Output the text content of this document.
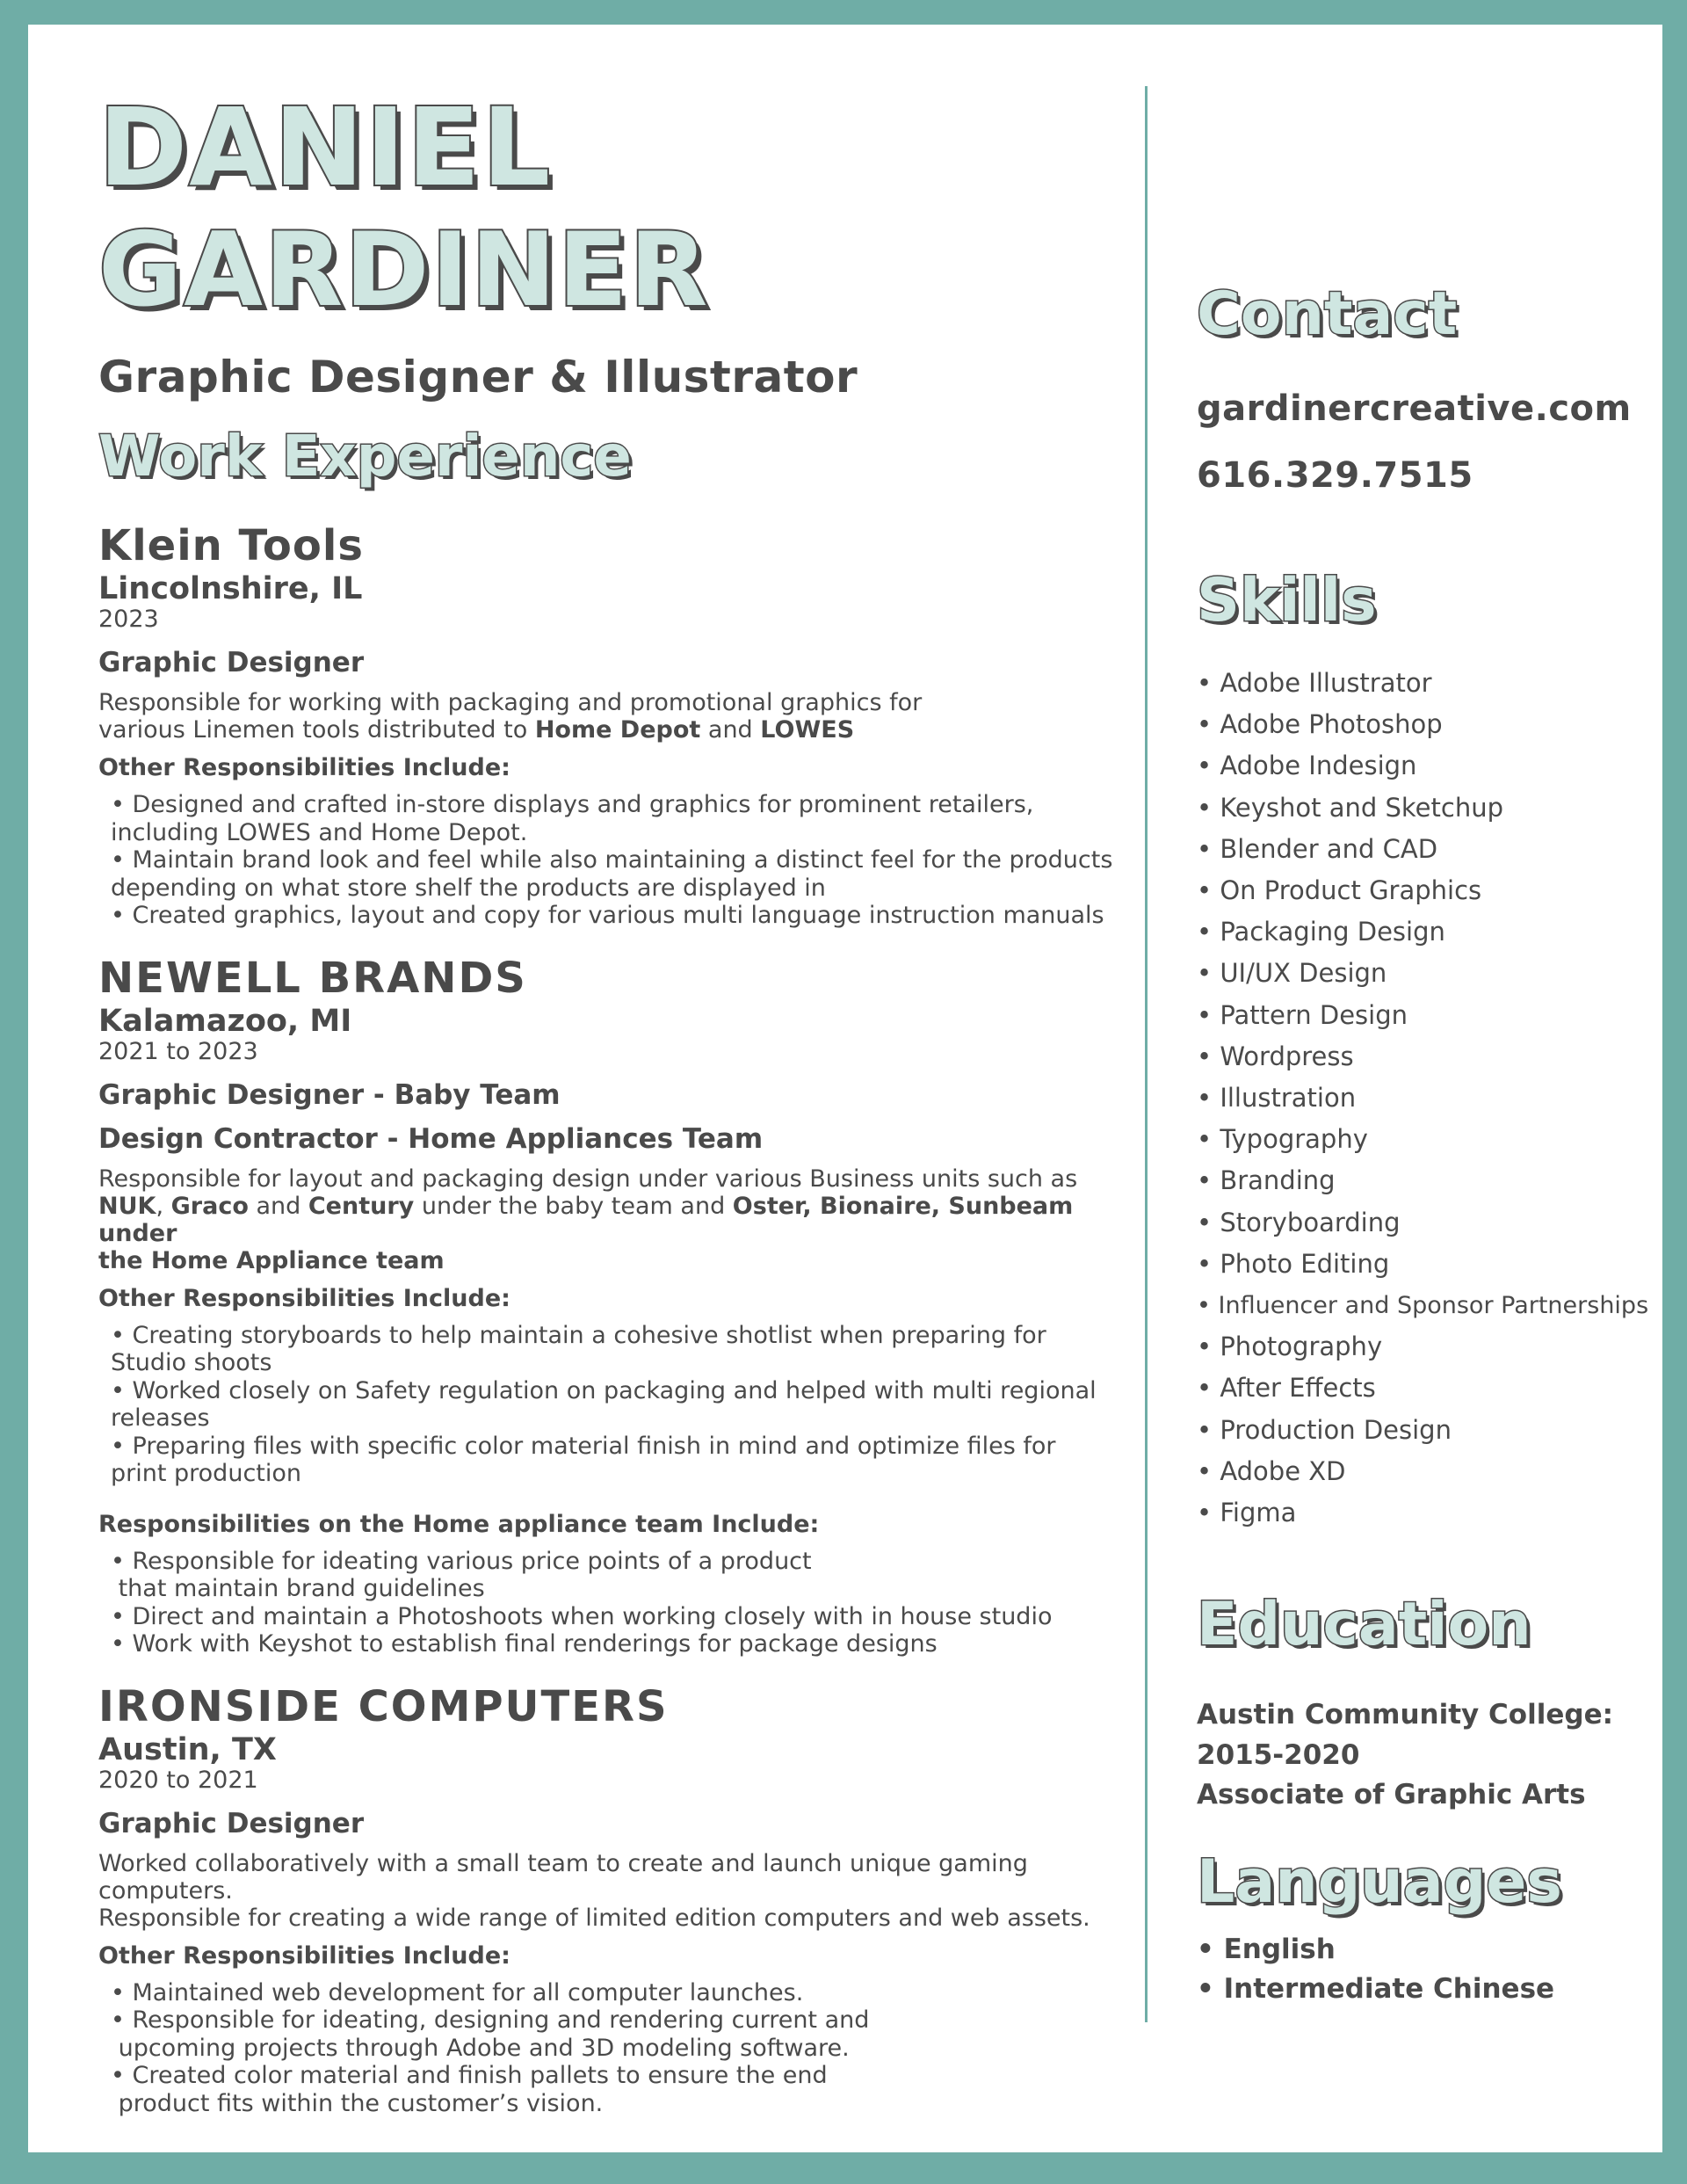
DANIEL
GARDINER
Graphic Designer & Illustrator
Work Experience
Klein Tools
Lincolnshire, IL
2023
Graphic Designer
Responsible for working with packaging and promotional graphics for
various Linemen tools distributed to Home Depot and LOWES
Other Responsibilities Include:
• Designed and crafted in-store displays and graphics for prominent retailers,
including LOWES and Home Depot.
• Maintain brand look and feel while also maintaining a distinct feel for the products
depending on what store shelf the products are displayed in
• Created graphics, layout and copy for various multi language instruction manuals
NEWELL BRANDS
Kalamazoo, MI
2021 to 2023
Graphic Designer - Baby Team
Design Contractor - Home Appliances Team
Responsible for layout and packaging design under various Business units such as
NUK, Graco and Century under the baby team and Oster, Bionaire, Sunbeam under
the Home Appliance team
Other Responsibilities Include:
• Creating storyboards to help maintain a cohesive shotlist when preparing for Studio shoots
• Worked closely on Safety regulation on packaging and helped with multi regional releases
• Preparing files with specific color material finish in mind and optimize files for
print production
Responsibilities on the Home appliance team Include:
• Responsible for ideating various price points of a product
that maintain brand guidelines
• Direct and maintain a Photoshoots when working closely with in house studio
• Work with Keyshot to establish final renderings for package designs
IRONSIDE COMPUTERS
Austin, TX
2020 to 2021
Graphic Designer
Worked collaboratively with a small team to create and launch unique gaming computers.
Responsible for creating a wide range of limited edition computers and web assets.
Other Responsibilities Include:
• Maintained web development for all computer launches.
• Responsible for ideating, designing and rendering current and
upcoming projects through Adobe and 3D modeling software.
• Created color material and finish pallets to ensure the end
product fits within the customer’s vision.
Contact
gardinercreative.com
616.329.7515
Skills
• Adobe Illustrator
• Adobe Photoshop
• Adobe Indesign
• Keyshot and Sketchup
• Blender and CAD
• On Product Graphics
• Packaging Design
• UI/UX Design
• Pattern Design
• Wordpress
• Illustration
• Typography
• Branding
• Storyboarding
• Photo Editing
• Influencer and Sponsor Partnerships
• Photography
• After Effects
• Production Design
• Adobe XD
• Figma
Education
Austin Community College:
2015-2020
Associate of Graphic Arts
Languages
• English
• Intermediate Chinese
